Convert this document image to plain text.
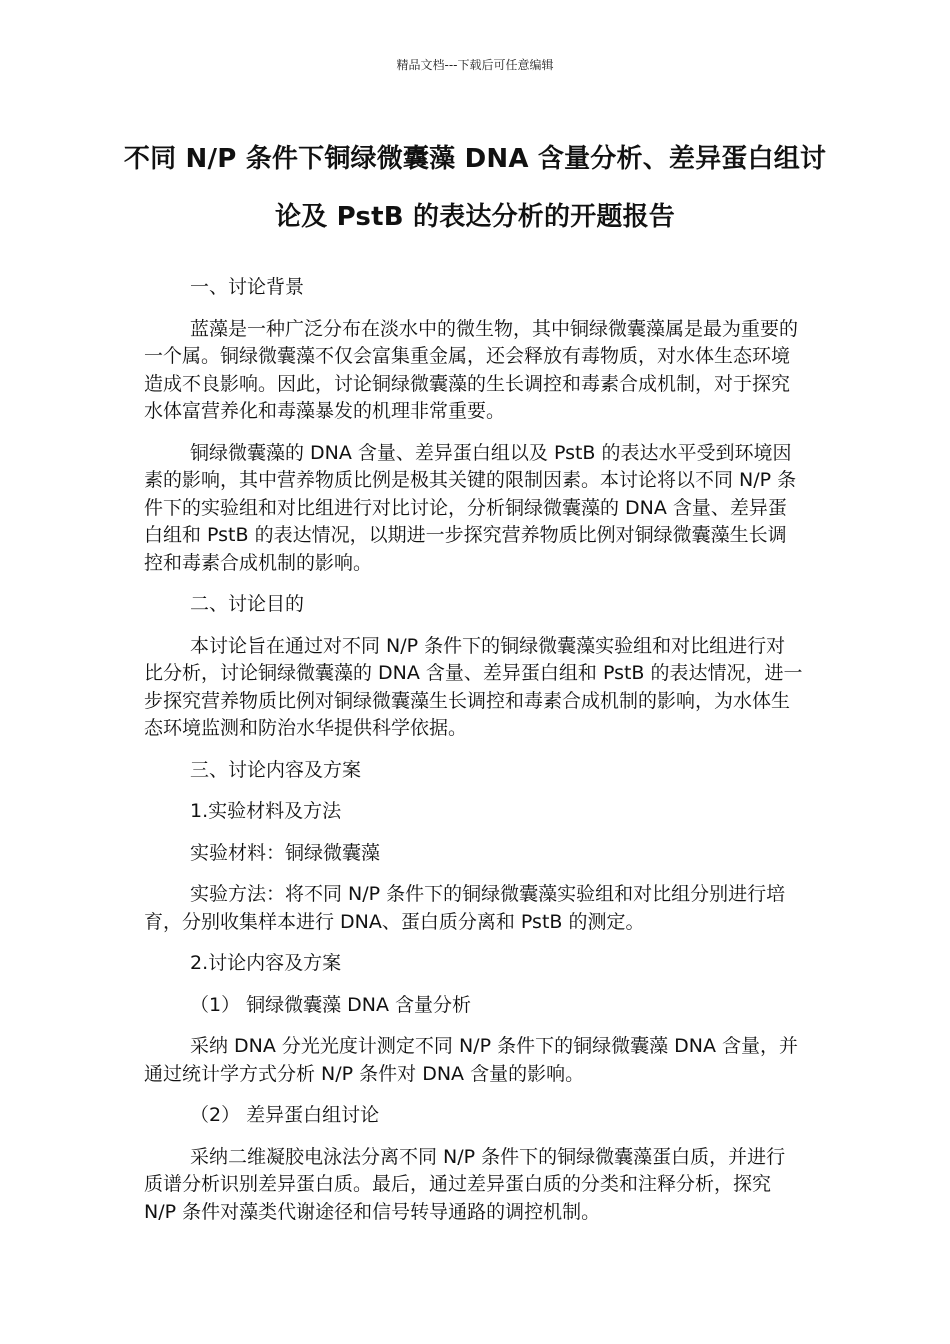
精品文档---下载后可任意编辑
不同 N/P 条件下铜绿微囊藻 DNA 含量分析、差异蛋白组讨论及 PstB 的表达分析的开题报告

一、讨论背景

蓝藻是一种广泛分布在淡水中的微生物，其中铜绿微囊藻属是最为重要的一个属。铜绿微囊藻不仅会富集重金属，还会释放有毒物质，对水体生态环境造成不良影响。因此，讨论铜绿微囊藻的生长调控和毒素合成机制，对于探究水体富营养化和毒藻暴发的机理非常重要。

铜绿微囊藻的 DNA 含量、差异蛋白组以及 PstB 的表达水平受到环境因素的影响，其中营养物质比例是极其关键的限制因素。本讨论将以不同 N/P 条件下的实验组和对比组进行对比讨论，分析铜绿微囊藻的 DNA 含量、差异蛋白组和 PstB 的表达情况，以期进一步探究营养物质比例对铜绿微囊藻生长调控和毒素合成机制的影响。

二、讨论目的

本讨论旨在通过对不同 N/P 条件下的铜绿微囊藻实验组和对比组进行对比分析，讨论铜绿微囊藻的 DNA 含量、差异蛋白组和 PstB 的表达情况，进一步探究营养物质比例对铜绿微囊藻生长调控和毒素合成机制的影响，为水体生态环境监测和防治水华提供科学依据。

三、讨论内容及方案

1.实验材料及方法

实验材料：铜绿微囊藻

实验方法：将不同 N/P 条件下的铜绿微囊藻实验组和对比组分别进行培育，分别收集样本进行 DNA、蛋白质分离和 PstB 的测定。

2.讨论内容及方案

（1） 铜绿微囊藻 DNA 含量分析

采纳 DNA 分光光度计测定不同 N/P 条件下的铜绿微囊藻 DNA 含量，并通过统计学方式分析 N/P 条件对 DNA 含量的影响。

（2） 差异蛋白组讨论

采纳二维凝胶电泳法分离不同 N/P 条件下的铜绿微囊藻蛋白质，并进行质谱分析识别差异蛋白质。最后，通过差异蛋白质的分类和注释分析，探究 N/P 条件对藻类代谢途径和信号转导通路的调控机制。
